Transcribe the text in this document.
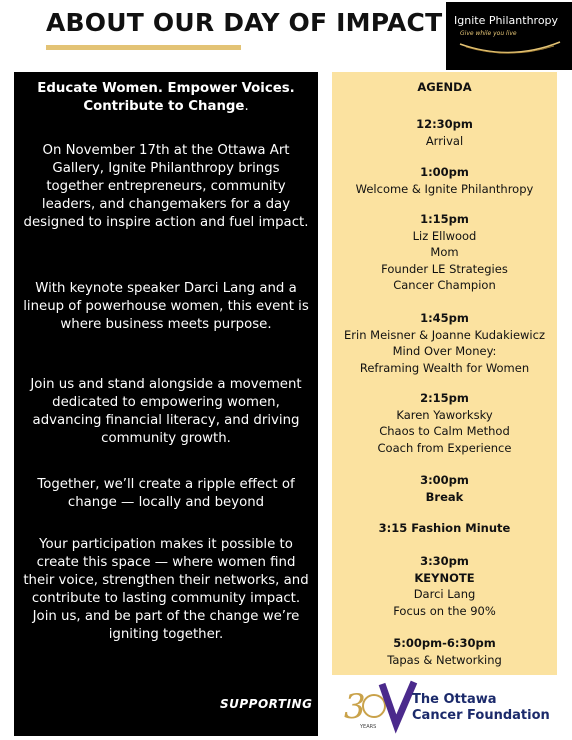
ABOUT OUR DAY OF IMPACT Ignite Philanthropy
Give while you live

Educate Women. Empower Voices. Contribute to Change.

On November 17th at the Ottawa Art Gallery, Ignite Philanthropy brings together entrepreneurs, community leaders, and changemakers for a day designed to inspire action and fuel impact.

With keynote speaker Darci Lang and a lineup of powerhouse women, this event is where business meets purpose.

Join us and stand alongside a movement dedicated to empowering women, advancing financial literacy, and driving community growth.

Together, we’ll create a ripple effect of change — locally and beyond

Your participation makes it possible to create this space — where women find their voice, strengthen their networks, and contribute to lasting community impact. Join us, and be part of the change we’re igniting together.

SUPPORTING
AGENDA
12:30pm
Arrival
1:00pm
Welcome & Ignite Philanthropy
1:15pm
Liz Ellwood
Mom
Founder LE Strategies
Cancer Champion
1:45pm
Erin Meisner & Joanne Kudakiewicz
Mind Over Money:
Reframing Wealth for Women
2:15pm
Karen Yaworksky
Chaos to Calm Method
Coach from Experience
3:00pm
Break
3:15 Fashion Minute
3:30pm
KEYNOTE
Darci Lang
Focus on the 90%
5:00pm-6:30pm
Tapas & Networking
3
YEARS
The Ottawa
Cancer Foundation
